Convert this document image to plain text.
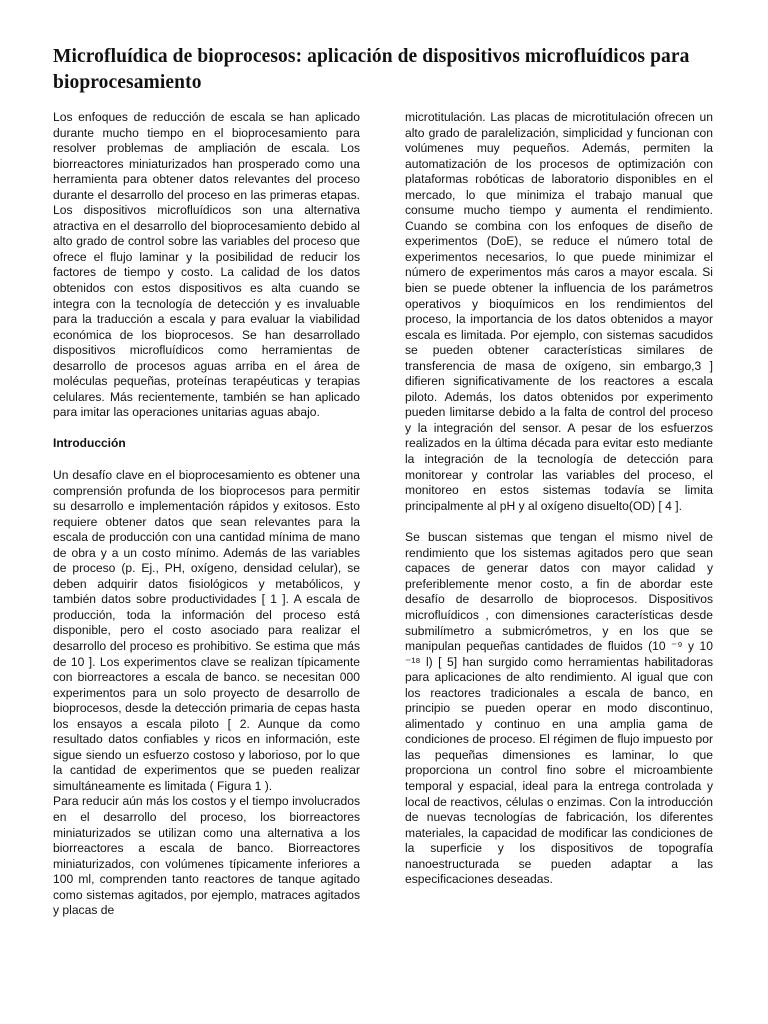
Microfluídica de bioprocesos: aplicación de dispositivos microfluídicos para bioprocesamiento

Los enfoques de reducción de escala se han aplicado durante mucho tiempo en el bioprocesamiento para resolver problemas de ampliación de escala. Los biorreactores miniaturizados han prosperado como una herramienta para obtener datos relevantes del proceso durante el desarrollo del proceso en las primeras etapas. Los dispositivos microfluídicos son una alternativa atractiva en el desarrollo del bioprocesamiento debido al alto grado de control sobre las variables del proceso que ofrece el flujo laminar y la posibilidad de reducir los factores de tiempo y costo. La calidad de los datos obtenidos con estos dispositivos es alta cuando se integra con la tecnología de detección y es invaluable para la traducción a escala y para evaluar la viabilidad económica de los bioprocesos. Se han desarrollado dispositivos microfluídicos como herramientas de desarrollo de procesos aguas arriba en el área de moléculas pequeñas, proteínas terapéuticas y terapias celulares. Más recientemente, también se han aplicado para imitar las operaciones unitarias aguas abajo.

Introducción

Un desafío clave en el bioprocesamiento es obtener una comprensión profunda de los bioprocesos para permitir su desarrollo e implementación rápidos y exitosos. Esto requiere obtener datos que sean relevantes para la escala de producción con una cantidad mínima de mano de obra y a un costo mínimo. Además de las variables de proceso (p. Ej., PH, oxígeno, densidad celular), se deben adquirir datos fisiológicos y metabólicos, y también datos sobre productividades [ 1 ]. A escala de producción, toda la información del proceso está disponible, pero el costo asociado para realizar el desarrollo del proceso es prohibitivo. Se estima que más de 10 ]. Los experimentos clave se realizan típicamente con biorreactores a escala de banco. se necesitan 000 experimentos para un solo proyecto de desarrollo de bioprocesos, desde la detección primaria de cepas hasta los ensayos a escala piloto [ 2. Aunque da como resultado datos confiables y ricos en información, este sigue siendo un esfuerzo costoso y laborioso, por lo que la cantidad de experimentos que se pueden realizar simultáneamente es limitada ( Figura 1 ).

Para reducir aún más los costos y el tiempo involucrados en el desarrollo del proceso, los biorreactores miniaturizados se utilizan como una alternativa a los biorreactores a escala de banco. Biorreactores miniaturizados, con volúmenes típicamente inferiores a 100 ml, comprenden tanto reactores de tanque agitado como sistemas agitados, por ejemplo, matraces agitados y placas de

microtitulación. Las placas de microtitulación ofrecen un alto grado de paralelización, simplicidad y funcionan con volúmenes muy pequeños. Además, permiten la automatización de los procesos de optimización con plataformas robóticas de laboratorio disponibles en el mercado, lo que minimiza el trabajo manual que consume mucho tiempo y aumenta el rendimiento. Cuando se combina con los enfoques de diseño de experimentos (DoE), se reduce el número total de experimentos necesarios, lo que puede minimizar el número de experimentos más caros a mayor escala. Si bien se puede obtener la influencia de los parámetros operativos y bioquímicos en los rendimientos del proceso, la importancia de los datos obtenidos a mayor escala es limitada. Por ejemplo, con sistemas sacudidos se pueden obtener características similares de transferencia de masa de oxígeno, sin embargo,3 ] difieren significativamente de los reactores a escala piloto. Además, los datos obtenidos por experimento pueden limitarse debido a la falta de control del proceso y la integración del sensor. A pesar de los esfuerzos realizados en la última década para evitar esto mediante la integración de la tecnología de detección para monitorear y controlar las variables del proceso, el monitoreo en estos sistemas todavía se limita principalmente al pH y al oxígeno disuelto(OD) [ 4 ].

Se buscan sistemas que tengan el mismo nivel de rendimiento que los sistemas agitados pero que sean capaces de generar datos con mayor calidad y preferiblemente menor costo, a fin de abordar este desafío de desarrollo de bioprocesos. Dispositivos microfluídicos , con dimensiones características desde submilímetro a submicrómetros, y en los que se manipulan pequeñas cantidades de fluidos (10 ⁻⁹ y 10 ⁻¹⁸ l) [ 5] han surgido como herramientas habilitadoras para aplicaciones de alto rendimiento. Al igual que con los reactores tradicionales a escala de banco, en principio se pueden operar en modo discontinuo, alimentado y continuo en una amplia gama de condiciones de proceso. El régimen de flujo impuesto por las pequeñas dimensiones es laminar, lo que proporciona un control fino sobre el microambiente temporal y espacial, ideal para la entrega controlada y local de reactivos, células o enzimas. Con la introducción de nuevas tecnologías de fabricación, los diferentes materiales, la capacidad de modificar las condiciones de la superficie y los dispositivos de topografía nanoestructurada se pueden adaptar a las especificaciones deseadas.
